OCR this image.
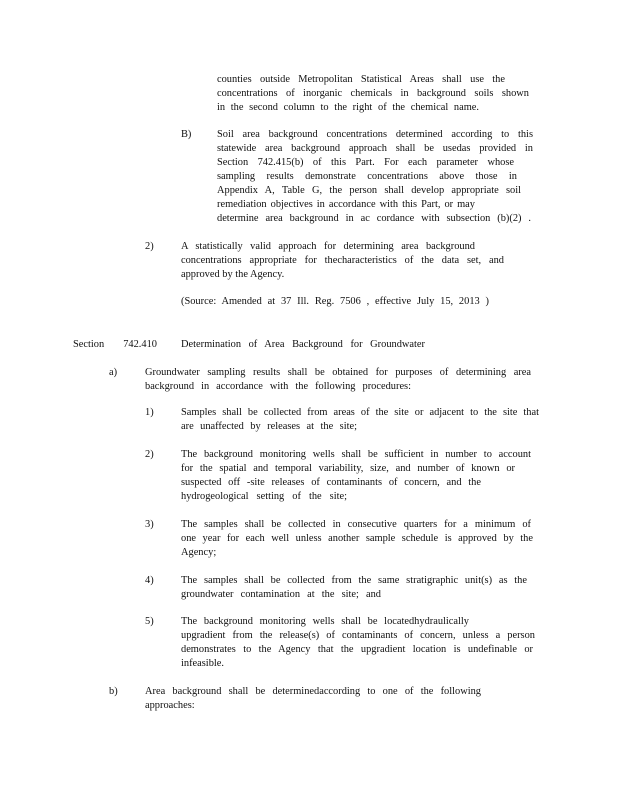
counties outside Metropolitan Statistical Areas shall use the

concentrations of inorganic chemicals in background soils shown

in the second column to the right of the chemical name.

B) Soil area background concentrations determined according to this

statewide area background approach shall be usedas provided in

Section 742.415(b) of this Part. For each parameter whose

sampling results demonstrate concentrations above those in

Appendix A, Table G, the person shall develop appropriate soil

remediation objectives in accordance with this Part, or may

determine area background in ac cordance with subsection (b)(2) .

2)	A statistically valid approach for determining area background

concentrations appropriate for thecharacteristics of the data set, and

approved by the Agency.

(Source: Amended at 37 Ill. Reg. 7506 , effective July 15, 2013 )

Section 742.410 Determination of Area Background for Groundwater

a)	Groundwater sampling results shall be obtained for purposes of determining area

background in accordance with the following procedures:

1)	Samples shall be collected from areas of the site or adjacent to the site that

are unaffected by releases at the site;

2)	The background monitoring wells shall be sufficient in number to account

for the spatial and temporal variability, size, and number of known or

suspected off -site releases of contaminants of concern, and the

hydrogeological setting of the site;

3)	The samples shall be collected in consecutive quarters for a minimum of

one year for each well unless another sample schedule is approved by the

Agency;

4)	The samples shall be collected from the same stratigraphic unit(s) as the

groundwater contamination at the site; and

5)	The background monitoring wells shall be locatedhydraulically

upgradient from the release(s) of contaminants of concern, unless a person

demonstrates to the Agency that the upgradient location is undefinable or

infeasible.

b)	Area background shall be determinedaccording to one of the following

approaches:
